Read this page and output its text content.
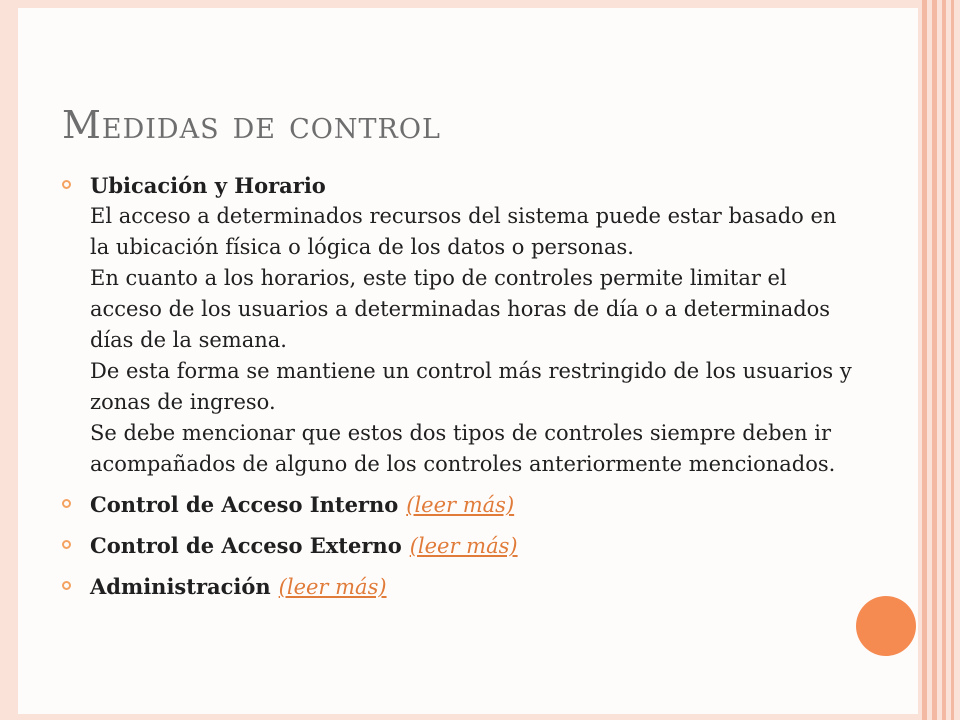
Medidas de control
Ubicación y Horario
El acceso a determinados recursos del sistema puede estar basado en la ubicación física o lógica de los datos o personas.
En cuanto a los horarios, este tipo de controles permite limitar el acceso de los usuarios a determinadas horas de día o a determinados días de la semana.
De esta forma se mantiene un control más restringido de los usuarios y zonas de ingreso.
Se debe mencionar que estos dos tipos de controles siempre deben ir acompañados de alguno de los controles anteriormente mencionados.
Control de Acceso Interno (leer más)
Control de Acceso Externo (leer más)
Administración (leer más)
